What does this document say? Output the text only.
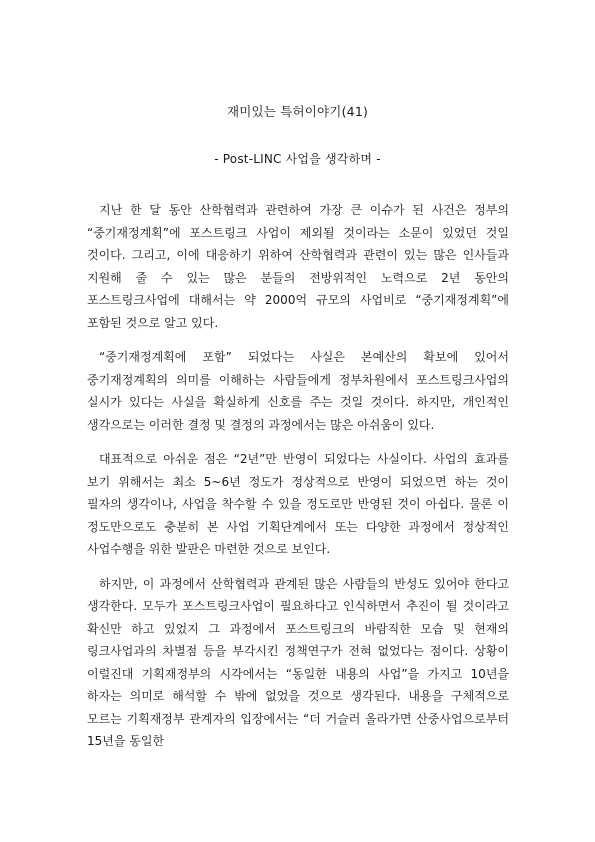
재미있는 특허이야기(41)
- Post-LINC 사업을 생각하며 -

지난 한 달 동안 산학협력과 관련하여 가장 큰 이슈가 된 사건은 정부의 “중기재정계획”에 포스트링크 사업이 제외될 것이라는 소문이 있었던 것일 것이다. 그리고, 이에 대응하기 위하여 산학협력과 관련이 있는 많은 인사들과 지원해 줄 수 있는 많은 분들의 전방위적인 노력으로 2년 동안의 포스트링크사업에 대해서는 약 2000억 규모의 사업비로 “중기재정계획”에 포함된 것으로 알고 있다.

“중기재정계획에 포함” 되었다는 사실은 본예산의 확보에 있어서 중기재정계획의 의미를 이해하는 사람들에게 정부차원에서 포스트링크사업의 실시가 있다는 사실을 확실하게 신호를 주는 것일 것이다. 하지만, 개인적인 생각으로는 이러한 결정 및 결정의 과정에서는 많은 아쉬움이 있다.

대표적으로 아쉬운 점은 “2년”만 반영이 되었다는 사실이다. 사업의 효과를 보기 위해서는 최소 5~6년 정도가 정상적으로 반영이 되었으면 하는 것이 필자의 생각이나, 사업을 착수할 수 있을 정도로만 반영된 것이 아쉽다. 물론 이 정도만으로도 충분히 본 사업 기획단계에서 또는 다양한 과정에서 정상적인 사업수행을 위한 발판은 마련한 것으로 보인다.

하지만, 이 과정에서 산학협력과 관계된 많은 사람들의 반성도 있어야 한다고 생각한다. 모두가 포스트링크사업이 필요하다고 인식하면서 추진이 될 것이라고 확신만 하고 있었지 그 과정에서 포스트링크의 바람직한 모습 및 현재의 링크사업과의 차별점 등을 부각시킨 정책연구가 전혀 없었다는 점이다. 상황이 이럴진대 기획재정부의 시각에서는 “동일한 내용의 사업”을 가지고 10년을 하자는 의미로 해석할 수 밖에 없었을 것으로 생각된다. 내용을 구체적으로 모르는 기획재정부 관계자의 입장에서는 “더 거슬러 올라가면 산중사업으로부터 15년을 동일한
